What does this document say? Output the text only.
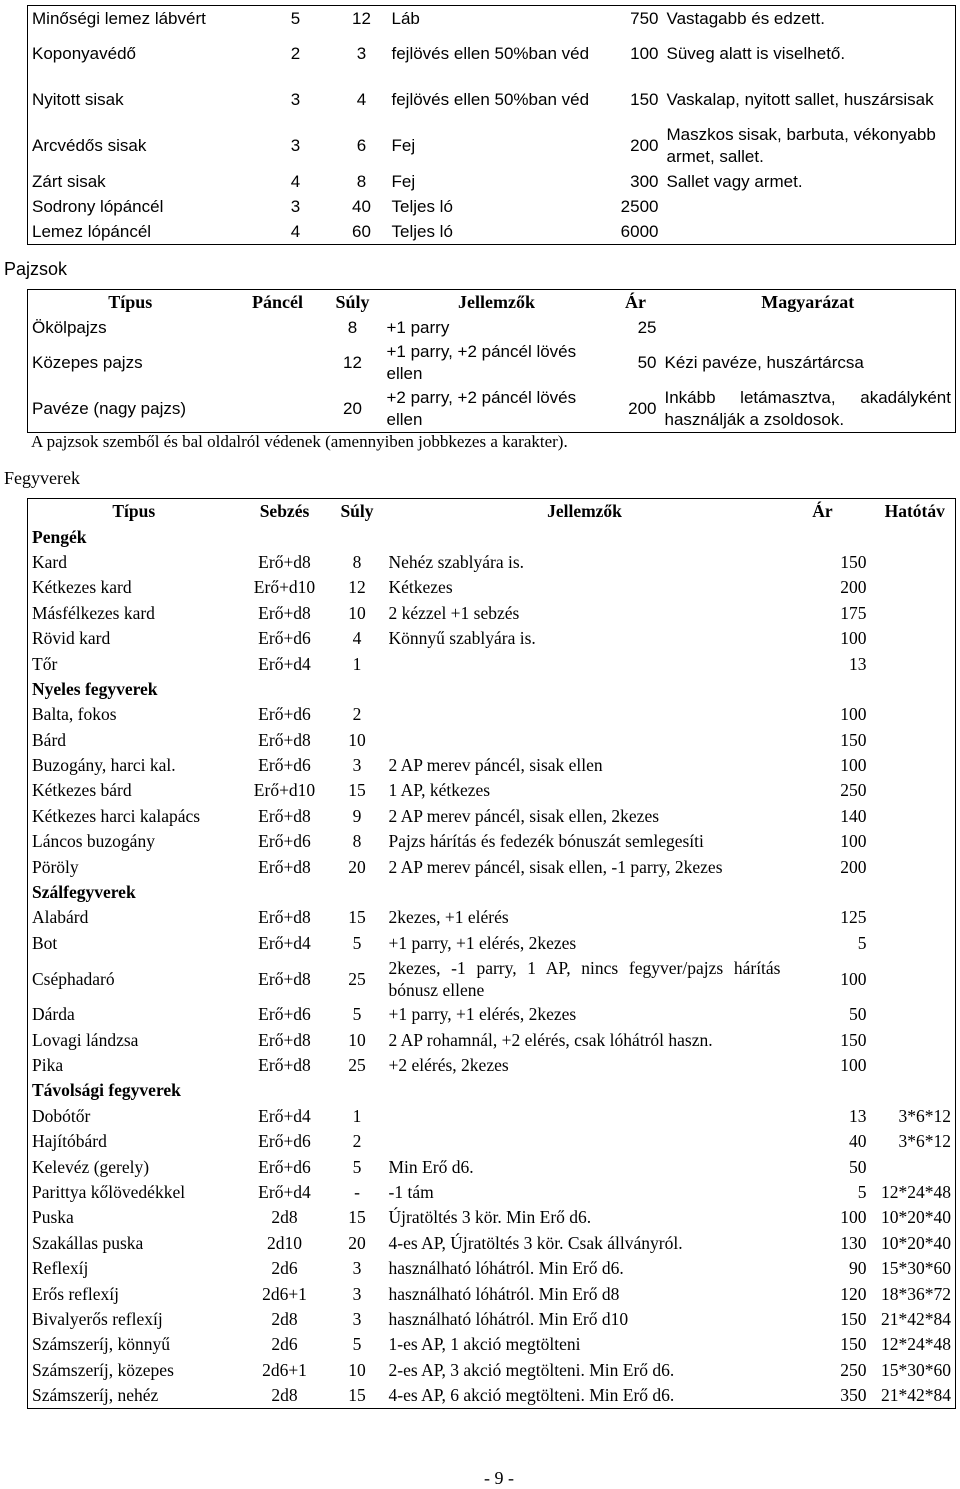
Minőségi lemez lábvért	5	12	Láb	750	Vastagabb és edzett.
Koponyavédő	2	3	fejlövés ellen 50%ban véd	100	Süveg alatt is viselhető.
Nyitott sisak	3	4	fejlövés ellen 50%ban véd	150	Vaskalap, nyitott sallet, huszársisak
Arcvédős sisak	3	6	Fej	200	Maszkos sisak, barbuta, vékonyabb armet, sallet.
Zárt sisak	4	8	Fej	300	Sallet vagy armet.
Sodrony lópáncél	3	40	Teljes ló	2500	
Lemez lópáncél	4	60	Teljes ló	6000	
Pajzsok
Típus	Páncél	Súly	Jellemzők	Ár	Magyarázat
Ökölpajzs		8	+1 parry	25	
Közepes pajzs		12	+1 parry, +2 páncél lövés ellen	50	Kézi pavéze, huszártárcsa
Pavéze (nagy pajzs)		20	+2 parry, +2 páncél lövés ellen	200	Inkább letámasztva, akadályként használják a zsoldosok.
A pajzsok szemből és bal oldalról védenek (amennyiben jobbkezes a karakter).
Fegyverek
Típus	Sebzés	Súly	Jellemzők	Ár	Hatótáv
Pengék					
Kard	Erő+d8	8	Nehéz szablyára is.	150	
Kétkezes kard	Erő+d10	12	Kétkezes	200	
Másfélkezes kard	Erő+d8	10	2 kézzel +1 sebzés	175	
Rövid kard	Erő+d6	4	Könnyű szablyára is.	100	
Tőr	Erő+d4	1		13	
Nyeles fegyverek					
Balta, fokos	Erő+d6	2		100	
Bárd	Erő+d8	10		150	
Buzogány, harci kal.	Erő+d6	3	2 AP merev páncél, sisak ellen	100	
Kétkezes bárd	Erő+d10	15	1 AP, kétkezes	250	
Kétkezes harci kalapács	Erő+d8	9	2 AP merev páncél, sisak ellen, 2kezes	140	
Láncos buzogány	Erő+d6	8	Pajzs hárítás és fedezék bónuszát semlegesíti	100	
Pöröly	Erő+d8	20	2 AP merev páncél, sisak ellen, -1 parry, 2kezes	200	
Szálfegyverek					
Alabárd	Erő+d8	15	2kezes, +1 elérés	125	
Bot	Erő+d4	5	+1 parry, +1 elérés, 2kezes	5	
Cséphadaró	Erő+d8	25	2kezes, -1 parry, 1 AP, nincs fegyver/pajzs hárítás bónusz ellene	100	
Dárda	Erő+d6	5	+1 parry, +1 elérés, 2kezes	50	
Lovagi lándzsa	Erő+d8	10	2 AP rohamnál, +2 elérés, csak lóhátról haszn.	150	
Pika	Erő+d8	25	+2 elérés, 2kezes	100	
Távolsági fegyverek					
Dobótőr	Erő+d4	1		13	3*6*12
Hajítóbárd	Erő+d6	2		40	3*6*12
Kelevéz (gerely)	Erő+d6	5	Min Erő d6.	50	
Parittya kőlövedékkel	Erő+d4	-	-1 tám	5	12*24*48
Puska	2d8	15	Újratöltés 3 kör. Min Erő d6.	100	10*20*40
Szakállas puska	2d10	20	4-es AP, Újratöltés 3 kör. Csak állványról.	130	10*20*40
Reflexíj	2d6	3	használható lóhátról. Min Erő d6.	90	15*30*60
Erős reflexíj	2d6+1	3	használható lóhátról. Min Erő d8	120	18*36*72
Bivalyerős reflexíj	2d8	3	használható lóhátról. Min Erő d10	150	21*42*84
Számszeríj, könnyű	2d6	5	1-es AP, 1 akció megtölteni	150	12*24*48
Számszeríj, közepes	2d6+1	10	2-es AP, 3 akció megtölteni. Min Erő d6.	250	15*30*60
Számszeríj, nehéz	2d8	15	4-es AP, 6 akció megtölteni. Min Erő d6.	350	21*42*84
- 9 -
